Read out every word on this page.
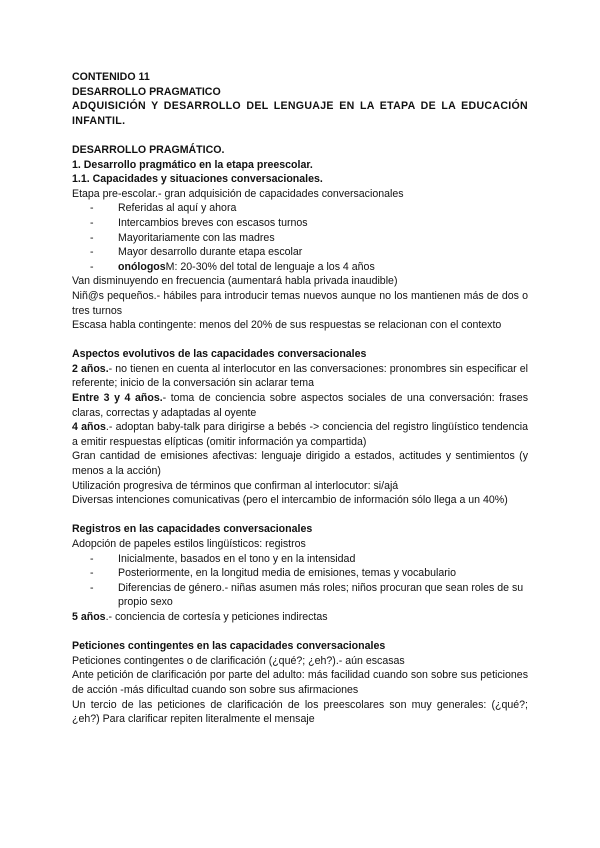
CONTENIDO 11

DESARROLLO PRAGMATICO

ADQUISICIÓN Y DESARROLLO DEL LENGUAJE EN LA ETAPA DE LA EDUCACIÓN INFANTIL.

DESARROLLO PRAGMÁTICO.

1. Desarrollo pragmático en la etapa preescolar.

1.1. Capacidades y situaciones conversacionales.

Etapa pre-escolar.- gran adquisición de capacidades conversacionales

- Referidas al aquí y ahora
- Intercambios breves con escasos turnos
- Mayoritariamente con las madres
- Mayor desarrollo durante etapa escolar
- onólogosM: 20-30% del total de lenguaje a los 4 años

Van disminuyendo en frecuencia (aumentará habla privada inaudible)

Niñ@s pequeños.- hábiles para introducir temas nuevos aunque no los mantienen más de dos o tres turnos

Escasa habla contingente: menos del 20% de sus respuestas se relacionan con el contexto

Aspectos evolutivos de las capacidades conversacionales

2 años.- no tienen en cuenta al interlocutor en las conversaciones: pronombres sin especificar el referente; inicio de la conversación sin aclarar tema

Entre 3 y 4 años.- toma de conciencia sobre aspectos sociales de una conversación: frases claras, correctas y adaptadas al oyente

4 años.- adoptan baby-talk para dirigirse a bebés -> conciencia del registro lingüístico tendencia a emitir respuestas elípticas (omitir información ya compartida)

Gran cantidad de emisiones afectivas: lenguaje dirigido a estados, actitudes y sentimientos (y menos a la acción)

Utilización progresiva de términos que confirman al interlocutor: si/ajá

Diversas intenciones comunicativas (pero el intercambio de información sólo llega a un 40%)

Registros en las capacidades conversacionales

Adopción de papeles estilos lingüísticos: registros

- Inicialmente, basados en el tono y en la intensidad
- Posteriormente, en la longitud media de emisiones, temas y vocabulario
- Diferencias de género.- niñas asumen más roles; niños procuran que sean roles de su propio sexo

5 años.- conciencia de cortesía y peticiones indirectas

Peticiones contingentes en las capacidades conversacionales

Peticiones contingentes o de clarificación (¿qué?; ¿eh?).- aún escasas

Ante petición de clarificación por parte del adulto: más facilidad cuando son sobre sus peticiones de acción -más dificultad cuando son sobre sus afirmaciones

Un tercio de las peticiones de clarificación de los preescolares son muy generales: (¿qué?; ¿eh?) Para clarificar repiten literalmente el mensaje
